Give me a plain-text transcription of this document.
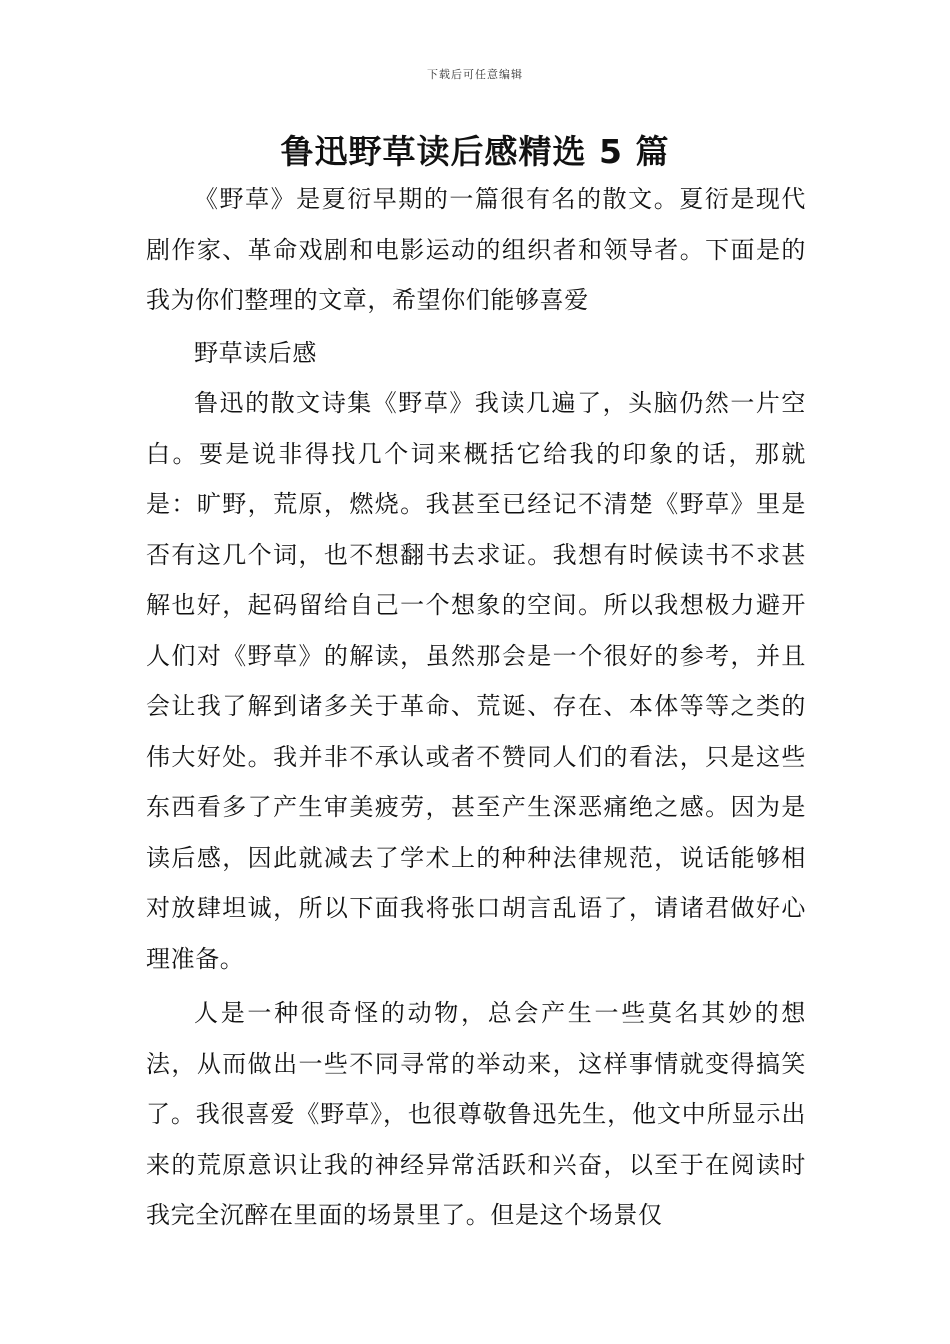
下载后可任意编辑
鲁迅野草读后感精选 5 篇

《野草》是夏衍早期的一篇很有名的散文。夏衍是现代剧作家、革命戏剧和电影运动的组织者和领导者。下面是的我为你们整理的文章，希望你们能够喜爱

野草读后感

鲁迅的散文诗集《野草》我读几遍了，头脑仍然一片空白。要是说非得找几个词来概括它给我的印象的话，那就是：旷野，荒原，燃烧。我甚至已经记不清楚《野草》里是否有这几个词，也不想翻书去求证。我想有时候读书不求甚解也好，起码留给自己一个想象的空间。所以我想极力避开人们对《野草》的解读，虽然那会是一个很好的参考，并且会让我了解到诸多关于革命、荒诞、存在、本体等等之类的伟大好处。我并非不承认或者不赞同人们的看法，只是这些东西看多了产生审美疲劳，甚至产生深恶痛绝之感。因为是读后感，因此就减去了学术上的种种法律规范，说话能够相对放肆坦诚，所以下面我将张口胡言乱语了，请诸君做好心理准备。

人是一种很奇怪的动物，总会产生一些莫名其妙的想法，从而做出一些不同寻常的举动来，这样事情就变得搞笑了。我很喜爱《野草》，也很尊敬鲁迅先生，他文中所显示出来的荒原意识让我的神经异常活跃和兴奋，以至于在阅读时我完全沉醉在里面的场景里了。但是这个场景仅
